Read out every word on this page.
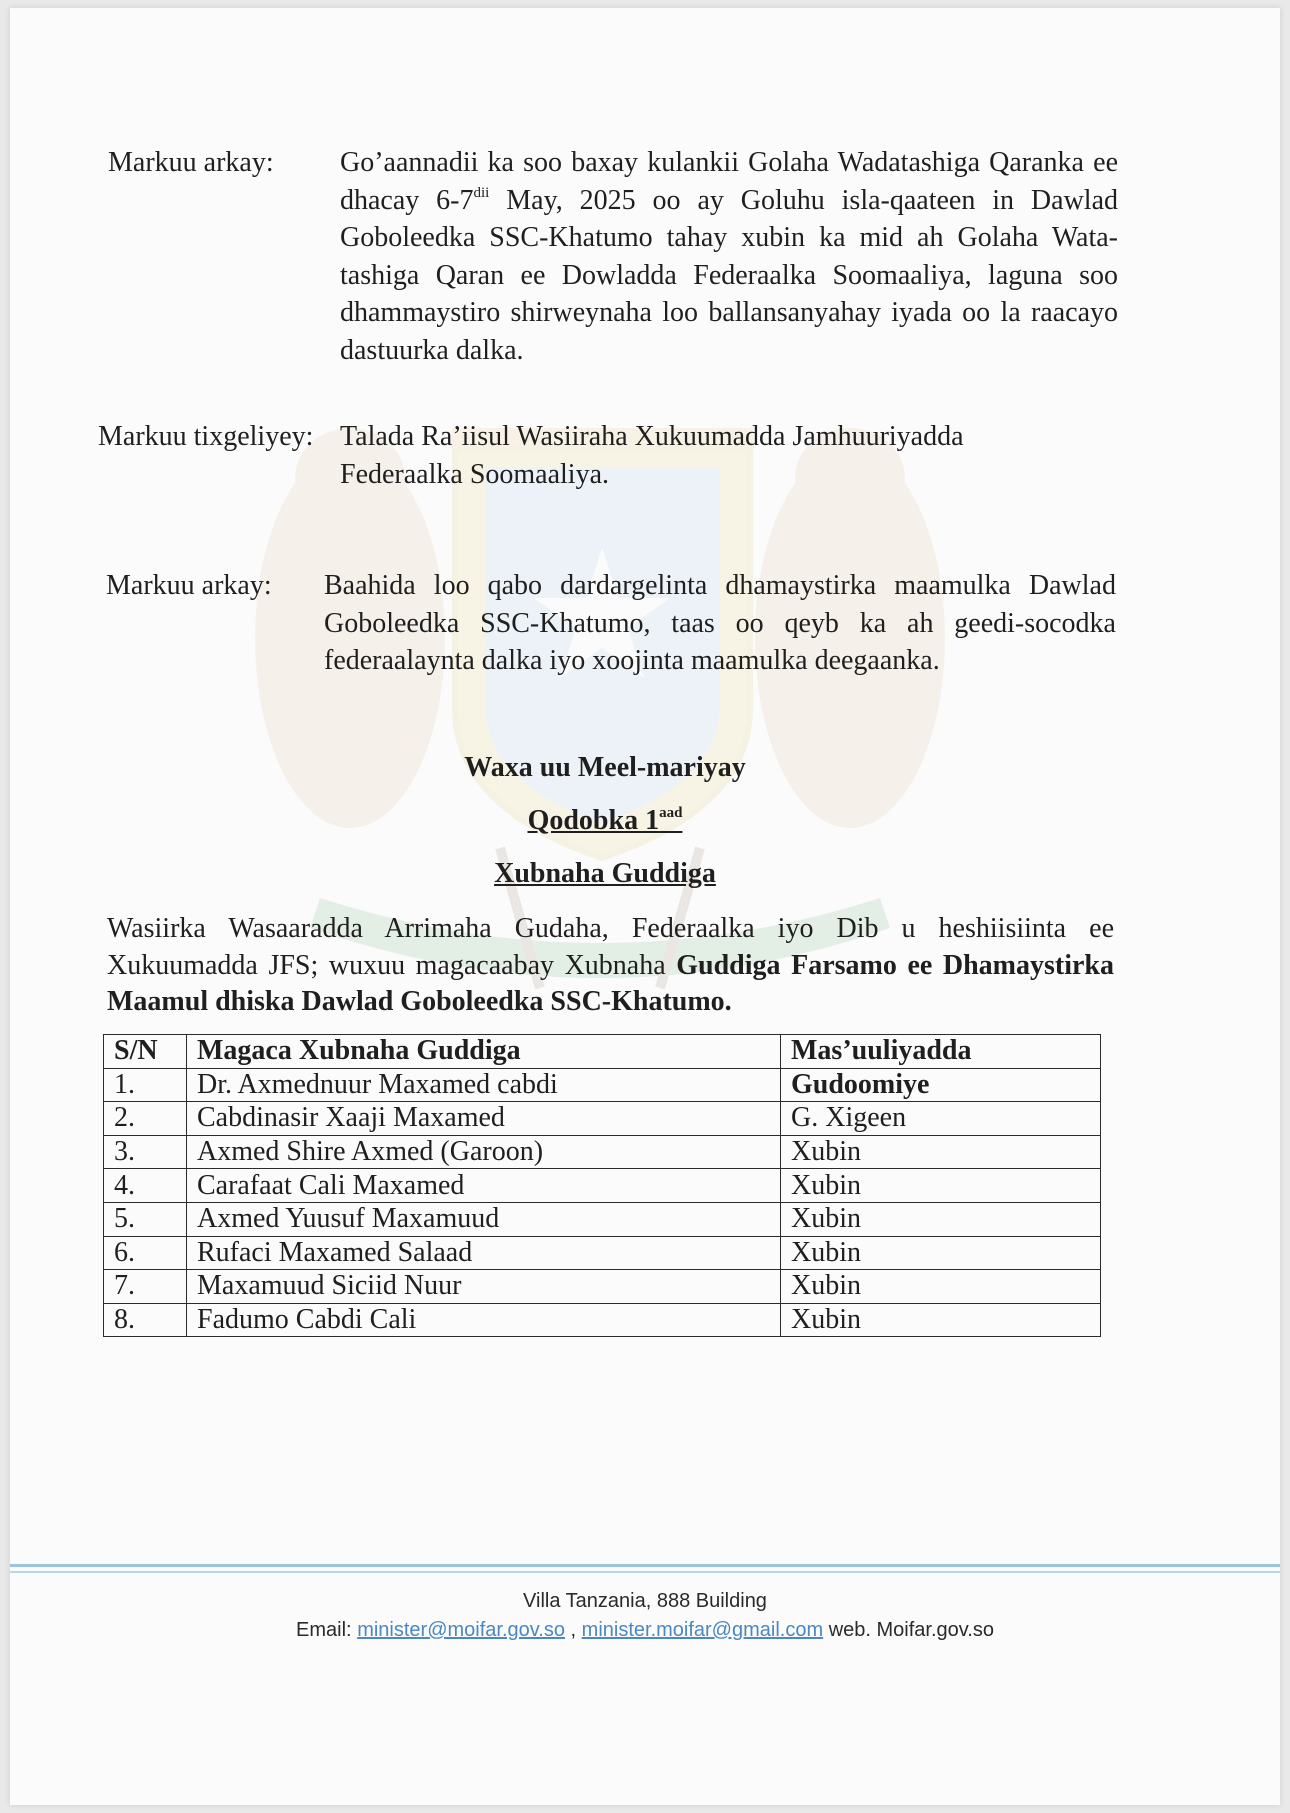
Markuu arkay: Go’aannadii ka soo baxay kulankii Golaha Wadatashiga Qaranka ee dhacay $6-7^{dii}$ May, 2025 oo ay Goluhu isla-qaateen in Dawlad Goboleedka SSC-Khatumo tahay xubin ka mid ah Golaha Wata-tashiga Qaran ee Dowladda Federaalka Soomaaliya, laguna soo dhammaystiro shirweynaha loo ballansanyahay iyada oo la raacayo dastuurka dalka.
Markuu tixgeliyey: Talada Ra’iisul Wasiiraha Xukuumadda Jamhuuriyadda Federaalka Soomaaliya.
Markuu arkay: Baahida loo qabo dardargelinta dhamaystirka maamulka Dawlad Goboleedka SSC-Khatumo, taas oo qeyb ka ah geedi-socodka federaalaynta dalka iyo xoojinta maamulka deegaanka.
Waxa uu Meel-mariyay
Qodobka $1^{aad}$
Xubnaha Guddiga
Wasiirka Wasaaradda Arrimaha Gudaha, Federaalka iyo Dib u heshiisiinta ee Xukuumadda JFS; wuxuu magacaabay Xubnaha Guddiga Farsamo ee Dhamaystirka Maamul dhiska Dawlad Goboleedka SSC-Khatumo.
S/N	Magaca Xubnaha Guddiga	Mas’uuliyadda
1.	Dr. Axmednuur Maxamed cabdi	Gudoomiye
2.	Cabdinasir Xaaji Maxamed	G. Xigeen
3.	Axmed Shire Axmed (Garoon)	Xubin
4.	Carafaat Cali Maxamed	Xubin
5.	Axmed Yuusuf Maxamuud	Xubin
6.	Rufaci Maxamed Salaad	Xubin
7.	Maxamuud Siciid Nuur	Xubin
8.	Fadumo Cabdi Cali	Xubin
Villa Tanzania, 888 Building
Email: minister@moifar.gov.so , minister.moifar@gmail.com web. Moifar.gov.so
